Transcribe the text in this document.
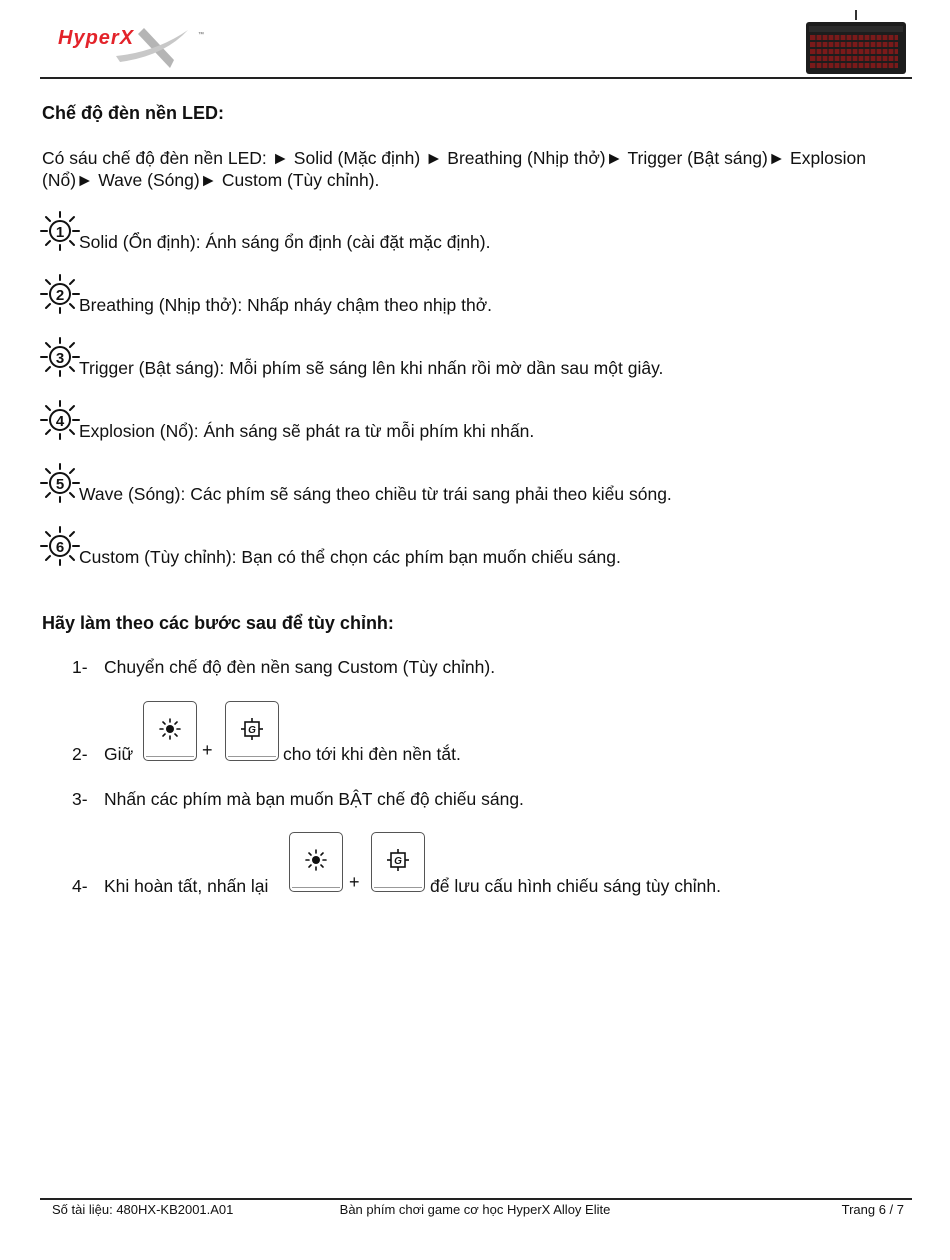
HyperX	™
Chế độ đèn nền LED:
Có sáu chế độ đèn nền LED: ► Solid (Mặc định) ► Breathing (Nhịp thở)► Trigger (Bật sáng)► Explosion (Nổ)► Wave (Sóng)► Custom (Tùy chỉnh).
1 Solid (Ổn định): Ánh sáng ổn định (cài đặt mặc định).
2 Breathing (Nhịp thở): Nhấp nháy chậm theo nhịp thở.
3 Trigger (Bật sáng): Mỗi phím sẽ sáng lên khi nhấn rồi mờ dần sau một giây.
4 Explosion (Nổ): Ánh sáng sẽ phát ra từ mỗi phím khi nhấn.
5 Wave (Sóng): Các phím sẽ sáng theo chiều từ trái sang phải theo kiểu sóng.
6 Custom (Tùy chỉnh): Bạn có thể chọn các phím bạn muốn chiếu sáng.
Hãy làm theo các bước sau để tùy chỉnh:
1- Chuyển chế độ đèn nền sang Custom (Tùy chỉnh).
2- Giữ	+
G
cho tới khi đèn nền tắt.
3- Nhấn các phím mà bạn muốn BẬT chế độ chiếu sáng.
4- Khi hoàn tất, nhấn lại	+
G
để lưu cấu hình chiếu sáng tùy chỉnh.
Số tài liệu: 480HX-KB2001.A01	Bàn phím chơi game cơ học HyperX Alloy Elite	Trang 6 / 7
